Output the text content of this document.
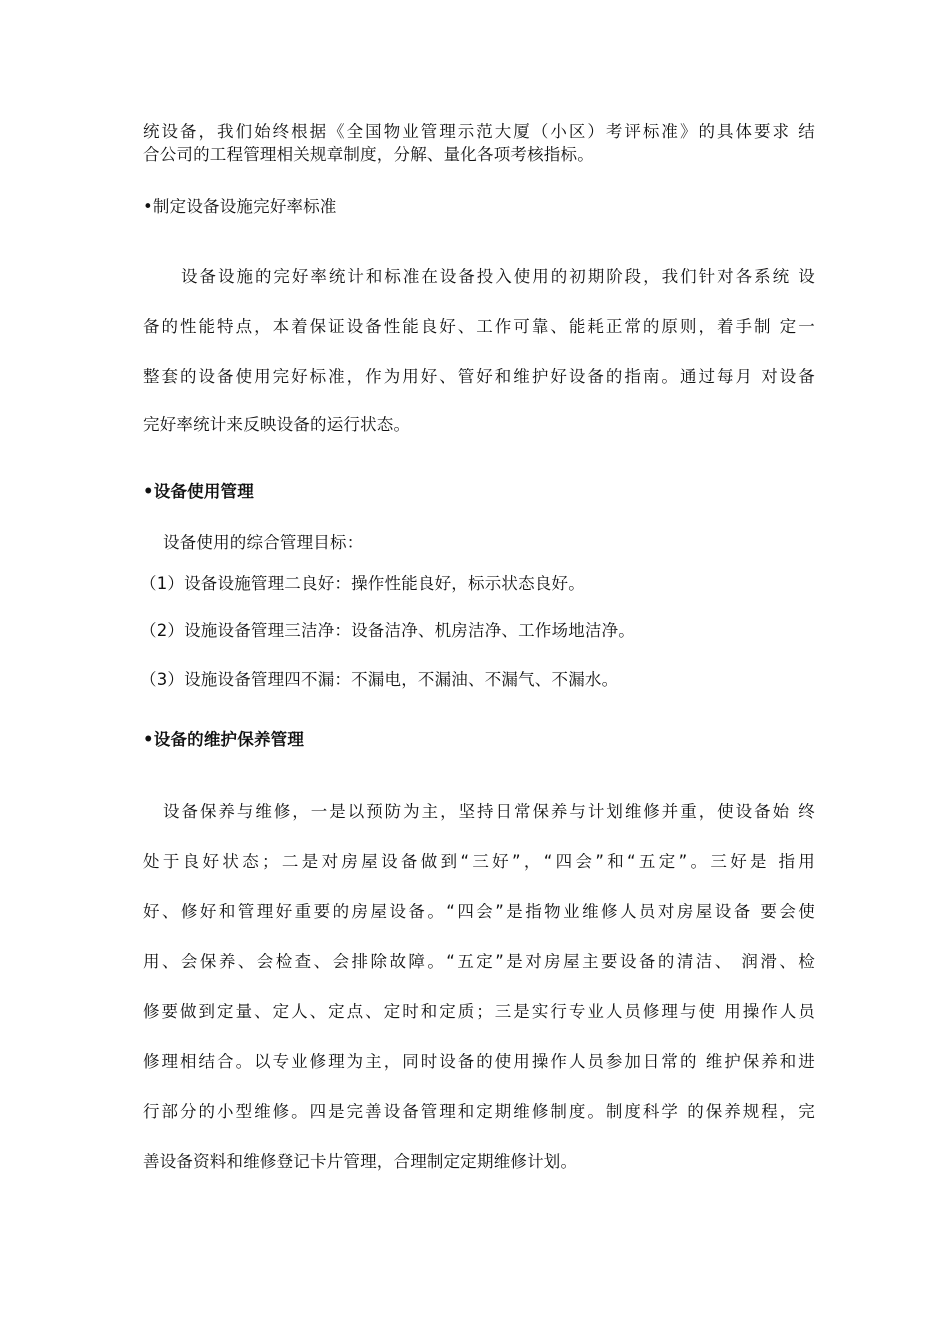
统设备，我们始终根据《全国物业管理示范大厦（小区）考评标准》的具体要求 结
合公司的工程管理相关规章制度，分解、量化各项考核指标。
•制定设备设施完好率标准
设备设施的完好率统计和标准在设备投入使用的初期阶段，我们针对各系统 设
备的性能特点，本着保证设备性能良好、工作可靠、能耗正常的原则，着手制 定一
整套的设备使用完好标准，作为用好、管好和维护好设备的指南。通过每月 对设备
完好率统计来反映设备的运行状态。
•设备使用管理
设备使用的综合管理目标：
（1）设备设施管理二良好：操作性能良好，标示状态良好。
（2）设施设备管理三洁净：设备洁净、机房洁净、工作场地洁净。
（3）设施设备管理四不漏：不漏电，不漏油、不漏气、不漏水。
•设备的维护保养管理
设备保养与维修，一是以预防为主，坚持日常保养与计划维修并重，使设备始 终
处于良好状态；二是对房屋设备做到“三好”，“四会”和“五定”。三好是 指用
好、修好和管理好重要的房屋设备。“四会”是指物业维修人员对房屋设备 要会使
用、会保养、会检查、会排除故障。“五定”是对房屋主要设备的清洁、 润滑、检
修要做到定量、定人、定点、定时和定质；三是实行专业人员修理与使 用操作人员
修理相结合。以专业修理为主，同时设备的使用操作人员参加日常的 维护保养和进
行部分的小型维修。四是完善设备管理和定期维修制度。制度科学 的保养规程，完
善设备资料和维修登记卡片管理，合理制定定期维修计划。
